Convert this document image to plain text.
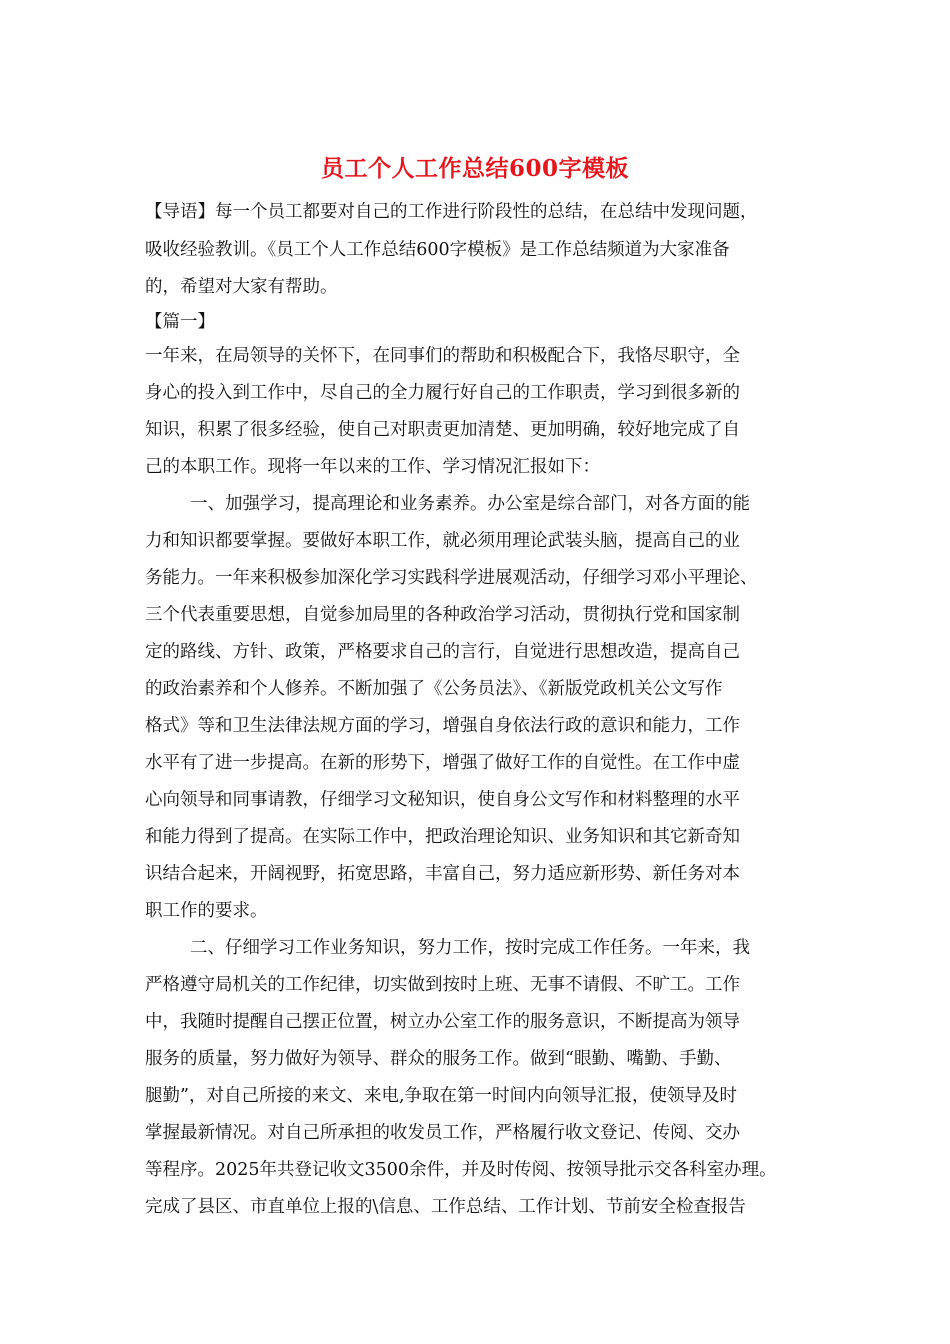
员工个人工作总结600字模板
【导语】每一个员工都要对自己的工作进行阶段性的总结，在总结中发现问题，
吸收经验教训。《员工个人工作总结600字模板》是工作总结频道为大家准备
的，希望对大家有帮助。
【篇一】
一年来，在局领导的关怀下，在同事们的帮助和积极配合下，我恪尽职守，全
身心的投入到工作中，尽自己的全力履行好自己的工作职责，学习到很多新的
知识，积累了很多经验，使自己对职责更加清楚、更加明确，较好地完成了自
己的本职工作。现将一年以来的工作、学习情况汇报如下：
一、加强学习，提高理论和业务素养。办公室是综合部门，对各方面的能
力和知识都要掌握。要做好本职工作，就必须用理论武装头脑，提高自己的业
务能力。一年来积极参加深化学习实践科学进展观活动，仔细学习邓小平理论、
三个代表重要思想，自觉参加局里的各种政治学习活动，贯彻执行党和国家制
定的路线、方针、政策，严格要求自己的言行，自觉进行思想改造，提高自己
的政治素养和个人修养。不断加强了《公务员法》、《新版党政机关公文写作
格式》等和卫生法律法规方面的学习，增强自身依法行政的意识和能力，工作
水平有了进一步提高。在新的形势下，增强了做好工作的自觉性。在工作中虚
心向领导和同事请教，仔细学习文秘知识，使自身公文写作和材料整理的水平
和能力得到了提高。在实际工作中，把政治理论知识、业务知识和其它新奇知
识结合起来，开阔视野，拓宽思路，丰富自己，努力适应新形势、新任务对本
职工作的要求。
二、仔细学习工作业务知识，努力工作，按时完成工作任务。一年来，我
严格遵守局机关的工作纪律，切实做到按时上班、无事不请假、不旷工。工作
中，我随时提醒自己摆正位置，树立办公室工作的服务意识，不断提高为领导
服务的质量，努力做好为领导、群众的服务工作。做到“眼勤、嘴勤、手勤、
腿勤”，对自己所接的来文、来电,争取在第一时间内向领导汇报，使领导及时
掌握最新情况。对自己所承担的收发员工作，严格履行收文登记、传阅、交办
等程序。2025年共登记收文3500余件，并及时传阅、按领导批示交各科室办理。
完成了县区、市直单位上报的\信息、工作总结、工作计划、节前安全检查报告
